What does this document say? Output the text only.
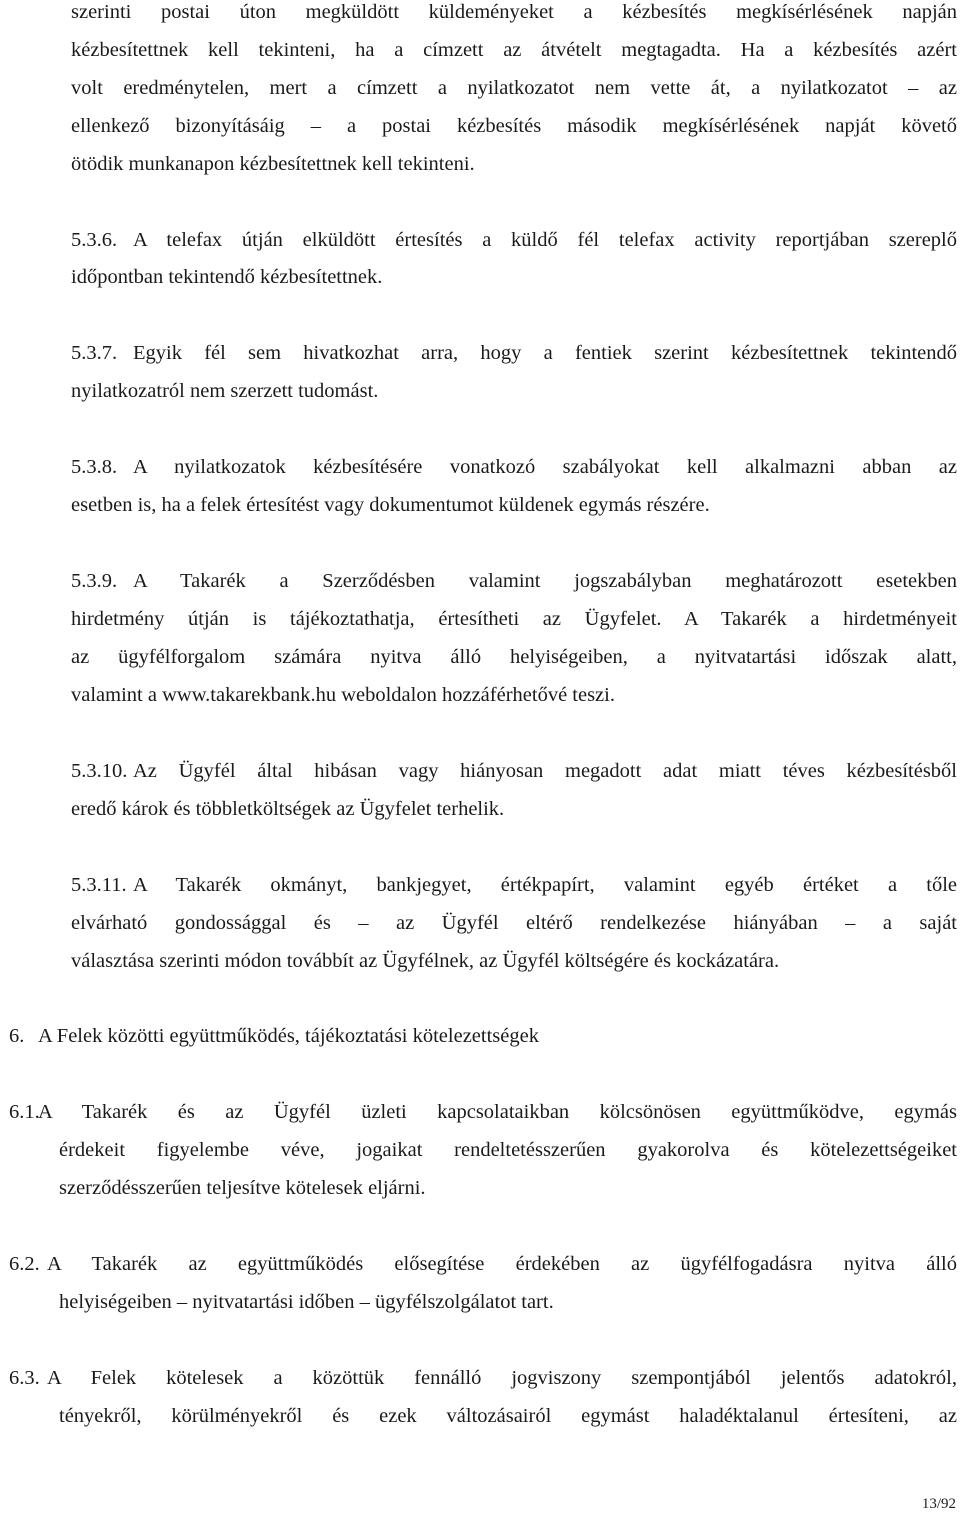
szerinti postai úton megküldött küldeményeket a kézbesítés megkísérlésének napján
kézbesítettnek kell tekinteni, ha a címzett az átvételt megtagadta. Ha a kézbesítés azért
volt eredménytelen, mert a címzett a nyilatkozatot nem vette át, a nyilatkozatot – az
ellenkező bizonyításáig – a postai kézbesítés második megkísérlésének napját követő
ötödik munkanapon kézbesítettnek kell tekinteni.
5.3.6. A telefax útján elküldött értesítés a küldő fél telefax activity reportjában szereplő
időpontban tekintendő kézbesítettnek.
5.3.7. Egyik fél sem hivatkozhat arra, hogy a fentiek szerint kézbesítettnek tekintendő
nyilatkozatról nem szerzett tudomást.
5.3.8. A nyilatkozatok kézbesítésére vonatkozó szabályokat kell alkalmazni abban az
esetben is, ha a felek értesítést vagy dokumentumot küldenek egymás részére.
5.3.9. A Takarék a Szerződésben valamint jogszabályban meghatározott esetekben
hirdetmény útján is tájékoztathatja, értesítheti az Ügyfelet. A Takarék a hirdetményeit
az ügyfélforgalom számára nyitva álló helyiségeiben, a nyitvatartási időszak alatt,
valamint a www.takarekbank.hu weboldalon hozzáférhetővé teszi.
5.3.10. Az Ügyfél által hibásan vagy hiányosan megadott adat miatt téves kézbesítésből
eredő károk és többletköltségek az Ügyfelet terhelik.
5.3.11. A Takarék okmányt, bankjegyet, értékpapírt, valamint egyéb értéket a tőle
elvárható gondossággal és – az Ügyfél eltérő rendelkezése hiányában – a saját
választása szerinti módon továbbít az Ügyfélnek, az Ügyfél költségére és kockázatára.
6. A Felek közötti együttműködés, tájékoztatási kötelezettségek
6.1.
A Takarék és az Ügyfél üzleti kapcsolataikban kölcsönösen együttműködve, egymás
érdekeit figyelembe véve, jogaikat rendeltetésszerűen gyakorolva és kötelezettségeiket
szerződésszerűen teljesítve kötelesek eljárni.
6.2. A Takarék az együttműködés elősegítése érdekében az ügyfélfogadásra nyitva álló
helyiségeiben – nyitvatartási időben – ügyfélszolgálatot tart.
6.3. A Felek kötelesek a közöttük fennálló jogviszony szempontjából jelentős adatokról,
tényekről, körülményekről és ezek változásairól egymást haladéktalanul értesíteni, az
13/92
